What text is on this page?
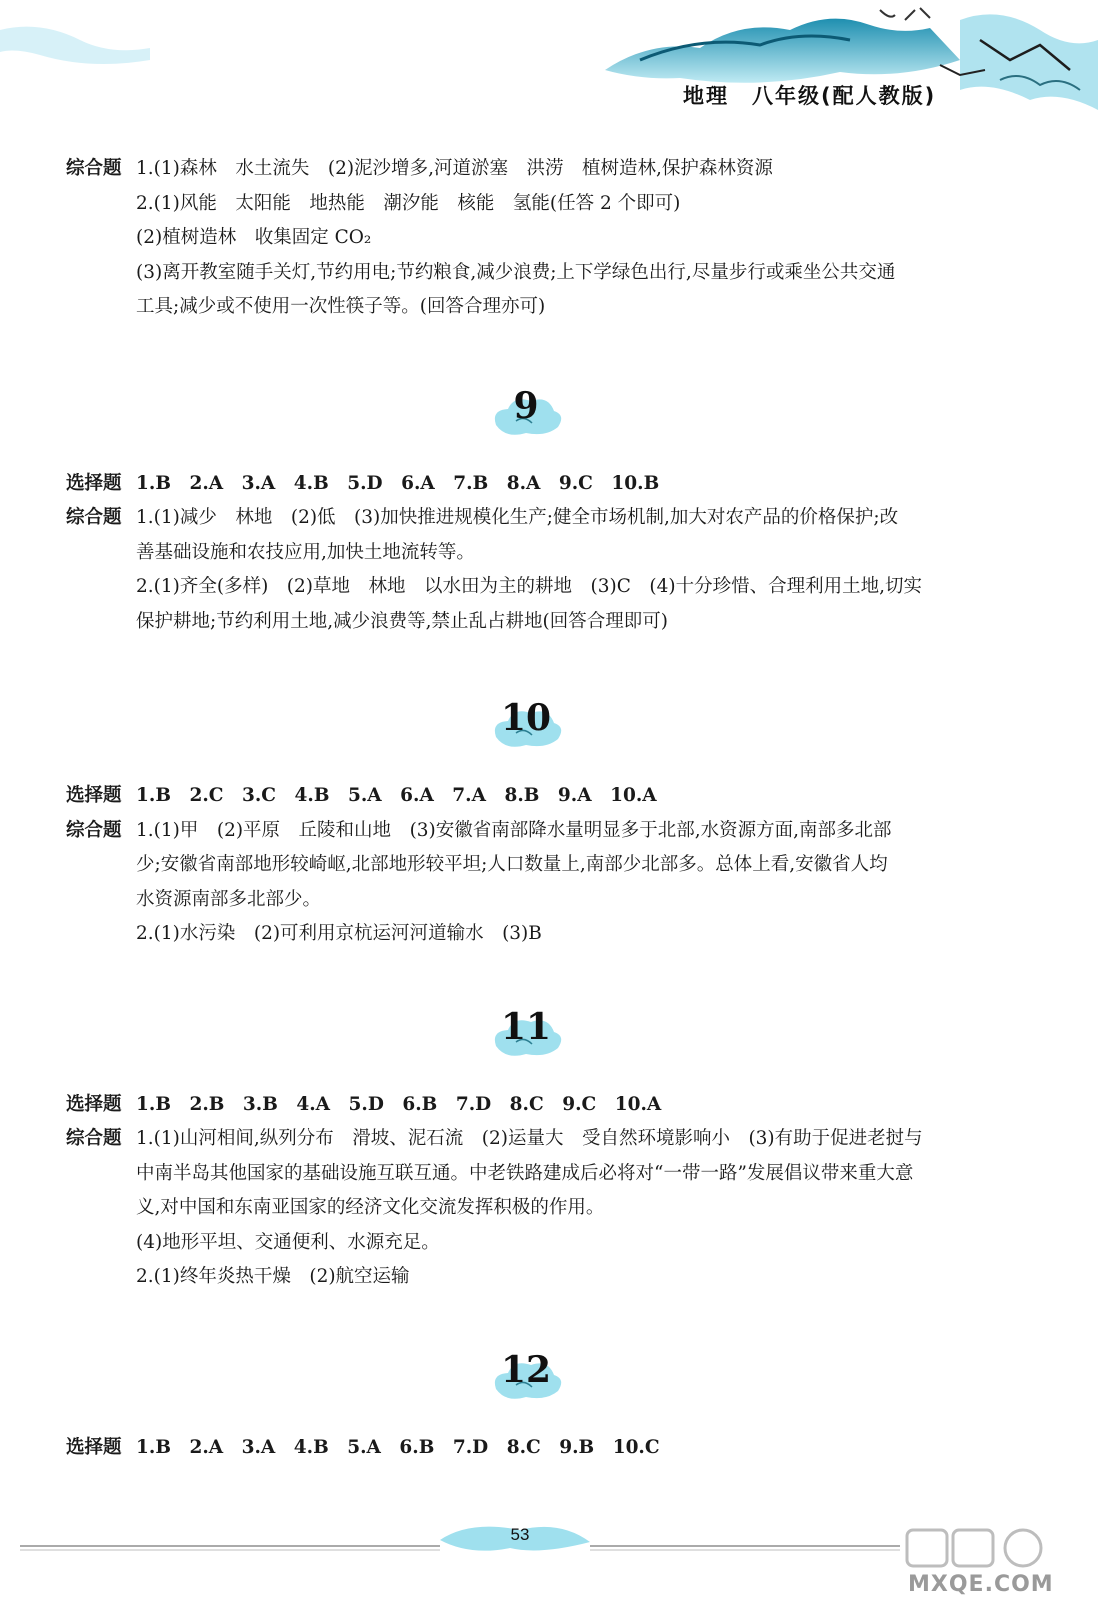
地理　八年级(配人教版)
综合题 1.(1)森林　水土流失　(2)泥沙增多,河道淤塞　洪涝　植树造林,保护森林资源
2.(1)风能　太阳能　地热能　潮汐能　核能　氢能(任答 2 个即可)
(2)植树造林　收集固定 CO₂
(3)离开教室随手关灯,节约用电;节约粮食,减少浪费;上下学绿色出行,尽量步行或乘坐公共交通
工具;减少或不使用一次性筷子等。(回答合理亦可)
9
选择题 1.B　2.A　3.A　4.B　5.D　6.A　7.B　8.A　9.C　10.B
综合题 1.(1)减少　林地　(2)低　(3)加快推进规模化生产;健全市场机制,加大对农产品的价格保护;改
善基础设施和农技应用,加快土地流转等。
2.(1)齐全(多样)　(2)草地　林地　以水田为主的耕地　(3)C　(4)十分珍惜、合理利用土地,切实
保护耕地;节约利用土地,减少浪费等,禁止乱占耕地(回答合理即可)
10
选择题 1.B　2.C　3.C　4.B　5.A　6.A　7.A　8.B　9.A　10.A
综合题 1.(1)甲　(2)平原　丘陵和山地　(3)安徽省南部降水量明显多于北部,水资源方面,南部多北部
少;安徽省南部地形较崎岖,北部地形较平坦;人口数量上,南部少北部多。总体上看,安徽省人均
水资源南部多北部少。
2.(1)水污染　(2)可利用京杭运河河道输水　(3)B
11
选择题 1.B　2.B　3.B　4.A　5.D　6.B　7.D　8.C　9.C　10.A
综合题 1.(1)山河相间,纵列分布　滑坡、泥石流　(2)运量大　受自然环境影响小　(3)有助于促进老挝与
中南半岛其他国家的基础设施互联互通。中老铁路建成后必将对“一带一路”发展倡议带来重大意
义,对中国和东南亚国家的经济文化交流发挥积极的作用。
(4)地形平坦、交通便利、水源充足。
2.(1)终年炎热干燥　(2)航空运输
12
选择题 1.B　2.A　3.A　4.B　5.A　6.B　7.D　8.C　9.B　10.C
53
MXQE.COM
